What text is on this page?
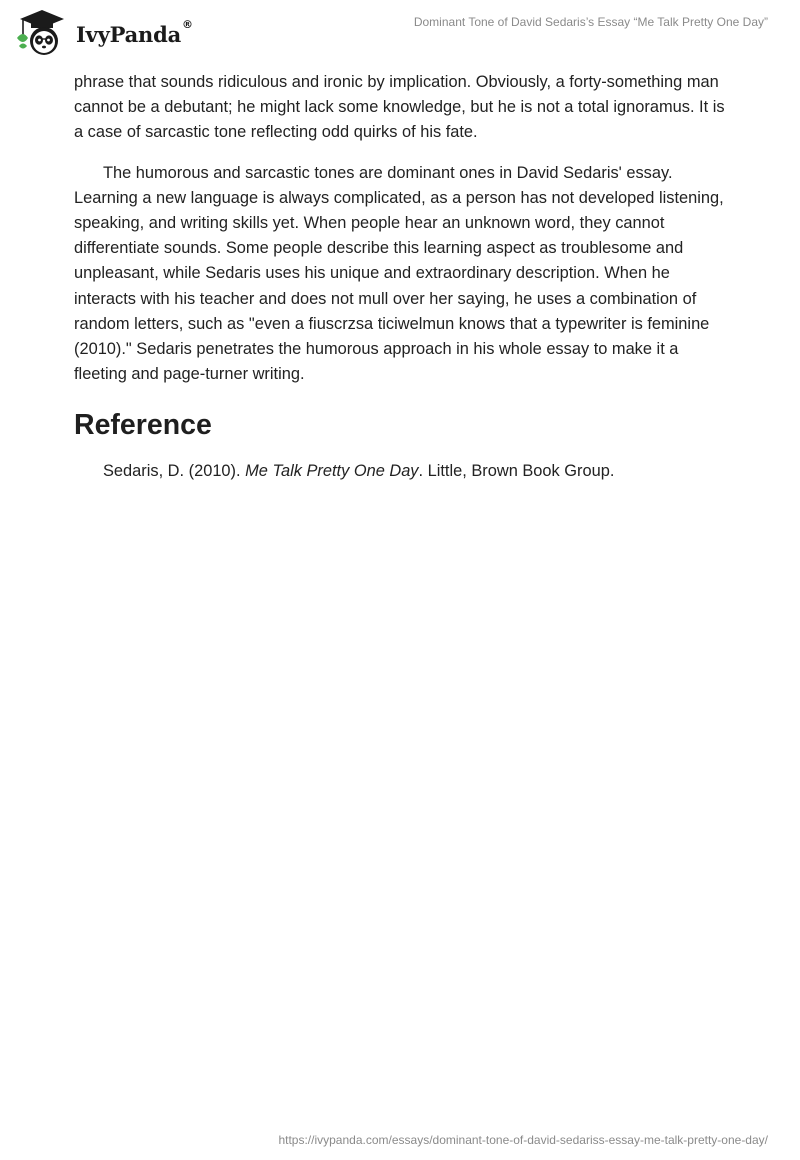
IvyPanda®	Dominant Tone of David Sedaris’s Essay “Me Talk Pretty One Day”

phrase that sounds ridiculous and ironic by implication. Obviously, a forty-something man cannot be a debutant; he might lack some knowledge, but he is not a total ignoramus. It is a case of sarcastic tone reflecting odd quirks of his fate.

The humorous and sarcastic tones are dominant ones in David Sedaris' essay. Learning a new language is always complicated, as a person has not developed listening, speaking, and writing skills yet. When people hear an unknown word, they cannot differentiate sounds. Some people describe this learning aspect as troublesome and unpleasant, while Sedaris uses his unique and extraordinary description. When he interacts with his teacher and does not mull over her saying, he uses a combination of random letters, such as "even a fiuscrzsa ticiwelmun knows that a typewriter is feminine (2010)." Sedaris penetrates the humorous approach in his whole essay to make it a fleeting and page-turner writing.

Reference

Sedaris, D. (2010). Me Talk Pretty One Day. Little, Brown Book Group.

https://ivypanda.com/essays/dominant-tone-of-david-sedariss-essay-me-talk-pretty-one-day/
